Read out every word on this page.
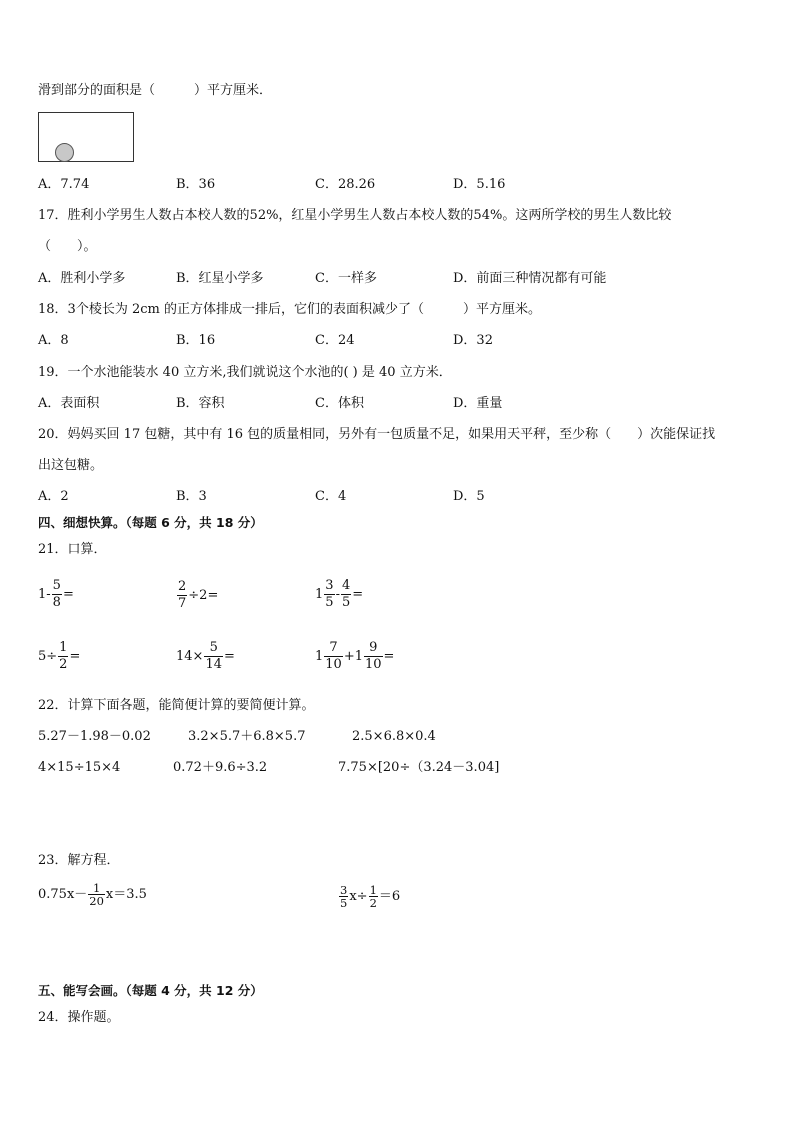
滑到部分的面积是（　　　）平方厘米．
A．7.74	B．36	C．28.26	D．5.16
17．胜利小学男生人数占本校人数的52%，红星小学男生人数占本校人数的54%。这两所学校的男生人数比较
（　　）。
A．胜利小学多	B．红星小学多	C．一样多	D．前面三种情况都有可能
18．3个棱长为 2cm 的正方体排成一排后，它们的表面积减少了（　　　）平方厘米。
A．8	B．16	C．24	D．32
19．一个水池能装水 40 立方米,我们就说这个水池的( ) 是 40 立方米．
A．表面积	B．容积	C．体积	D．重量
20．妈妈买回 17 包糖，其中有 16 包的质量相同，另外有一包质量不足，如果用天平秤，至少称（　　）次能保证找
出这包糖。
A．2	B．3	C．4	D．5
四、细想快算。（每题 6 分，共 18 分）
21．口算．
$1- \frac{5}{8}$ =	$\frac{2}{7} \div 2=$	$1 \frac{3}{5} - \frac{4}{5}$ =
$5\div \frac{1}{2}$ =	$14\times \frac{5}{14}$ =	$1 \frac{7}{10} +1 \frac{9}{10}$ =
22．计算下面各题，能简便计算的要简便计算。
5.27－1.98－0.02	3.2×5.7＋6.8×5.7	2.5×6.8×0.4
4×15÷15×4	0.72＋9.6÷3.2	7.75×[20÷（3.24－3.04]
23．解方程．
$0.75x- \frac{1}{20} x=3.5$	$\frac{3}{5} x\div \frac{1}{2} =6$
五、能写会画。（每题 4 分，共 12 分）
24．操作题。
